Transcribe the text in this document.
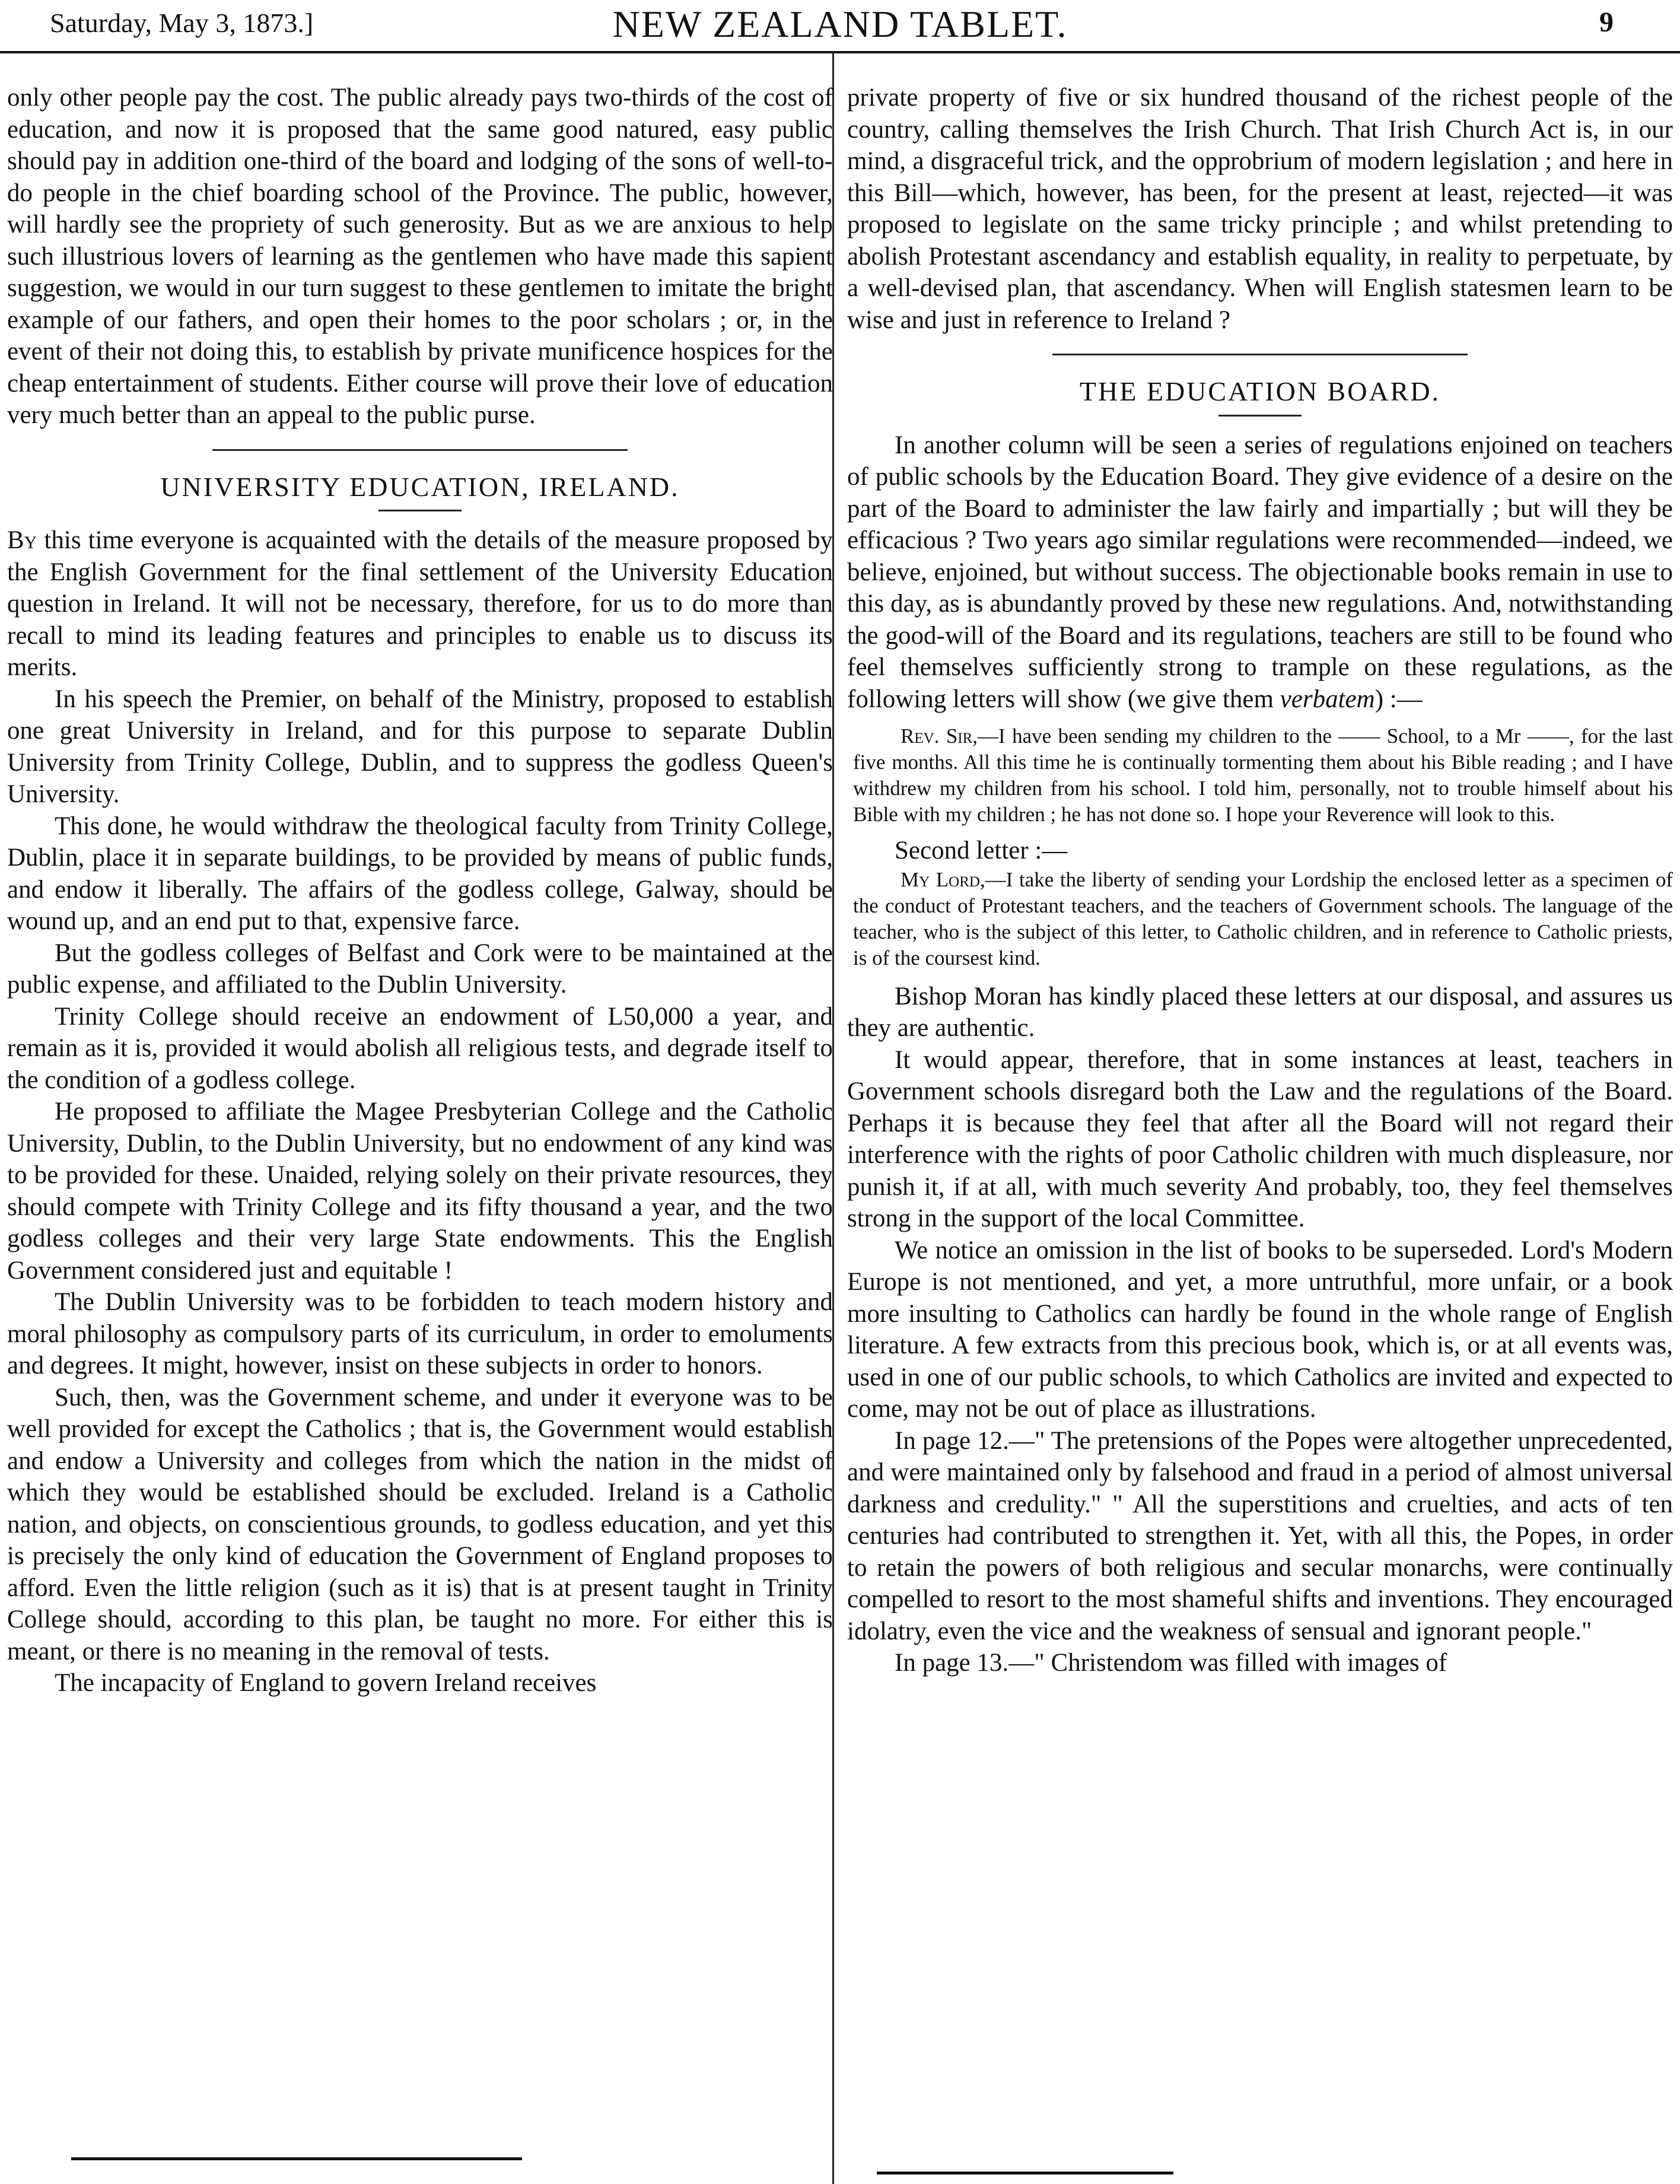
Saturday, May 3, 1873.]	NEW ZEALAND TABLET.	9

only other people pay the cost. The public already pays two-thirds of the cost of education, and now it is proposed that the same good natured, easy public should pay in addition one-third of the board and lodging of the sons of well-to-do people in the chief boarding school of the Province. The public, however, will hardly see the propriety of such generosity. But as we are anxious to help such illustrious lovers of learning as the gentlemen who have made this sapient suggestion, we would in our turn suggest to these gentlemen to imitate the bright example of our fathers, and open their homes to the poor scholars ; or, in the event of their not doing this, to establish by private munificence hospices for the cheap entertainment of students. Either course will prove their love of education very much better than an appeal to the public purse.

UNIVERSITY EDUCATION, IRELAND.

By this time everyone is acquainted with the details of the measure proposed by the English Government for the final settlement of the University Education question in Ireland. It will not be necessary, therefore, for us to do more than recall to mind its leading features and principles to enable us to discuss its merits.

In his speech the Premier, on behalf of the Ministry, proposed to establish one great University in Ireland, and for this purpose to separate Dublin University from Trinity College, Dublin, and to suppress the godless Queen's University.

This done, he would withdraw the theological faculty from Trinity College, Dublin, place it in separate buildings, to be provided by means of public funds, and endow it liberally. The affairs of the godless college, Galway, should be wound up, and an end put to that, expensive farce.

But the godless colleges of Belfast and Cork were to be maintained at the public expense, and affiliated to the Dublin University.

Trinity College should receive an endowment of L50,000 a year, and remain as it is, provided it would abolish all religious tests, and degrade itself to the condition of a godless college.

He proposed to affiliate the Magee Presbyterian College and the Catholic University, Dublin, to the Dublin University, but no endowment of any kind was to be provided for these. Unaided, relying solely on their private resources, they should compete with Trinity College and its fifty thousand a year, and the two godless colleges and their very large State endowments. This the English Government considered just and equitable !

The Dublin University was to be forbidden to teach modern history and moral philosophy as compulsory parts of its curriculum, in order to emoluments and degrees. It might, however, insist on these subjects in order to honors.

Such, then, was the Government scheme, and under it everyone was to be well provided for except the Catholics ; that is, the Government would establish and endow a University and colleges from which the nation in the midst of which they would be established should be excluded. Ireland is a Catholic nation, and objects, on conscientious grounds, to godless education, and yet this is precisely the only kind of education the Government of England proposes to afford. Even the little religion (such as it is) that is at present taught in Trinity College should, according to this plan, be taught no more. For either this is meant, or there is no meaning in the removal of tests.

The incapacity of England to govern Ireland receives

private property of five or six hundred thousand of the richest people of the country, calling themselves the Irish Church. That Irish Church Act is, in our mind, a disgraceful trick, and the opprobrium of modern legislation ; and here in this Bill—which, however, has been, for the present at least, rejected—it was proposed to legislate on the same tricky principle ; and whilst pretending to abolish Protestant ascendancy and establish equality, in reality to perpetuate, by a well-devised plan, that ascendancy. When will English statesmen learn to be wise and just in reference to Ireland ?

THE EDUCATION BOARD.

In another column will be seen a series of regulations enjoined on teachers of public schools by the Education Board. They give evidence of a desire on the part of the Board to administer the law fairly and impartially ; but will they be efficacious ? Two years ago similar regulations were recommended—indeed, we believe, enjoined, but without success. The objectionable books remain in use to this day, as is abundantly proved by these new regulations. And, notwithstanding the good-will of the Board and its regulations, teachers are still to be found who feel themselves sufficiently strong to trample on these regulations, as the following letters will show (we give them verbatem) :—

Rev. Sir,—I have been sending my children to the —— School, to a Mr ——, for the last five months. All this time he is continually tormenting them about his Bible reading ; and I have withdrew my children from his school. I told him, personally, not to trouble himself about his Bible with my children ; he has not done so. I hope your Reverence will look to this.

Second letter :—

My Lord,—I take the liberty of sending your Lordship the enclosed letter as a specimen of the conduct of Protestant teachers, and the teachers of Government schools. The language of the teacher, who is the subject of this letter, to Catholic children, and in reference to Catholic priests, is of the coursest kind.

Bishop Moran has kindly placed these letters at our disposal, and assures us they are authentic.

It would appear, therefore, that in some instances at least, teachers in Government schools disregard both the Law and the regulations of the Board. Perhaps it is because they feel that after all the Board will not regard their interference with the rights of poor Catholic children with much displeasure, nor punish it, if at all, with much severity And probably, too, they feel themselves strong in the support of the local Committee.

We notice an omission in the list of books to be superseded. Lord's Modern Europe is not mentioned, and yet, a more untruthful, more unfair, or a book more insulting to Catholics can hardly be found in the whole range of English literature. A few extracts from this precious book, which is, or at all events was, used in one of our public schools, to which Catholics are invited and expected to come, may not be out of place as illustrations.

In page 12.—" The pretensions of the Popes were altogether unprecedented, and were maintained only by falsehood and fraud in a period of almost universal darkness and credulity." " All the superstitions and cruelties, and acts of ten centuries had contributed to strengthen it. Yet, with all this, the Popes, in order to retain the powers of both religious and secular monarchs, were continually compelled to resort to the most shameful shifts and inventions. They encouraged idolatry, even the vice and the weakness of sensual and ignorant people."

In page 13.—" Christendom was filled with images of
